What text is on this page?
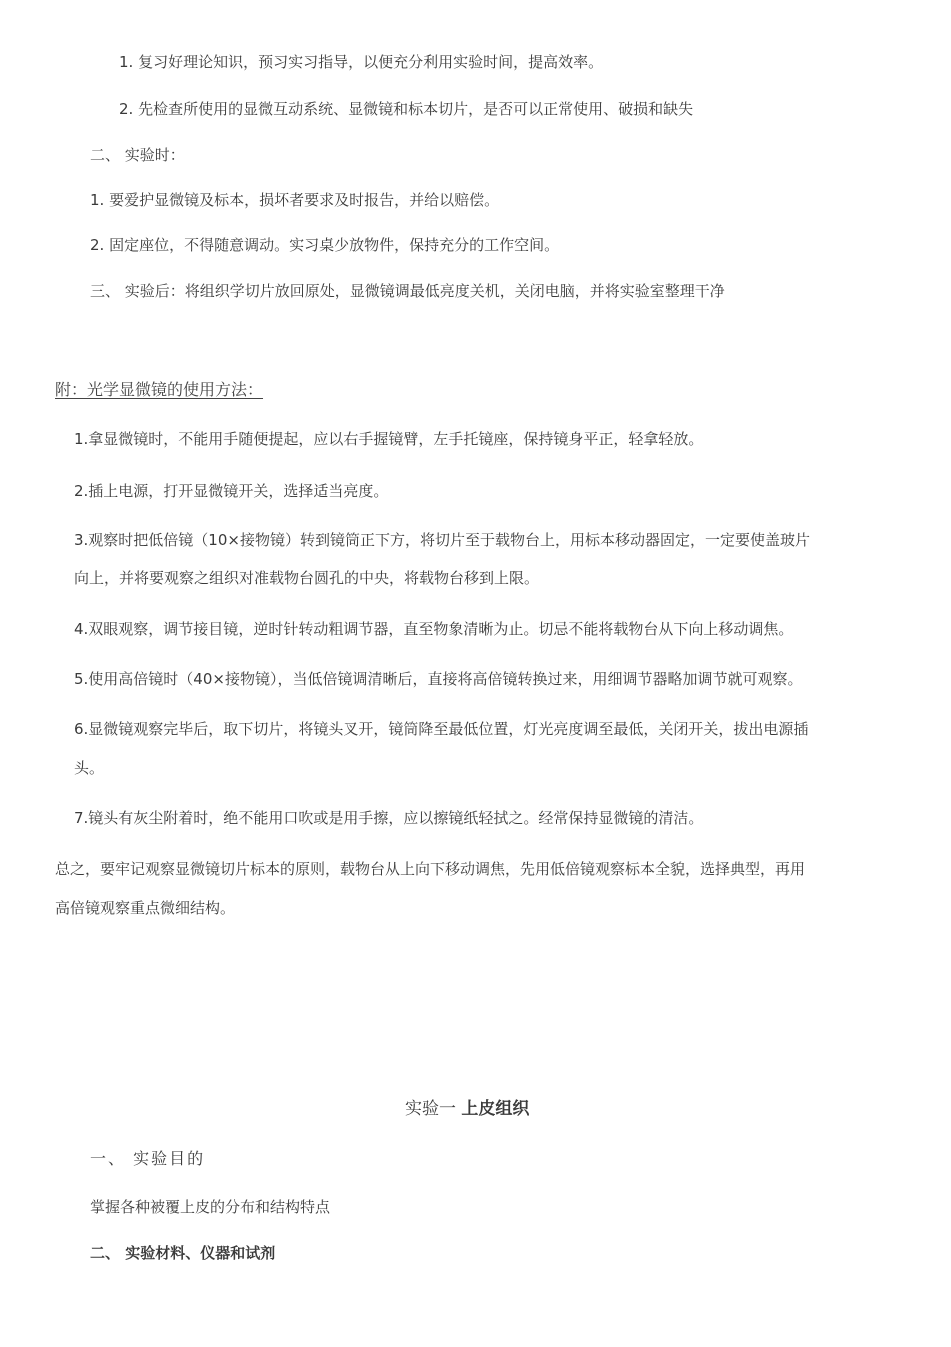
1. 复习好理论知识，预习实习指导，以便充分利用实验时间，提高效率。

2. 先检查所使用的显微互动系统、显微镜和标本切片，是否可以正常使用、破损和缺失

二、 实验时：

1. 要爱护显微镜及标本，损坏者要求及时报告，并给以赔偿。

2. 固定座位，不得随意调动。实习桌少放物件，保持充分的工作空间。

三、 实验后：将组织学切片放回原处，显微镜调最低亮度关机，关闭电脑，并将实验室整理干净

附：光学显微镜的使用方法：

1.拿显微镜时，不能用手随便提起，应以右手握镜臂，左手托镜座，保持镜身平正，轻拿轻放。

2.插上电源，打开显微镜开关，选择适当亮度。

3.观察时把低倍镜（10×接物镜）转到镜筒正下方，将切片至于载物台上，用标本移动器固定，一定要使盖玻片

向上，并将要观察之组织对准载物台圆孔的中央，将载物台移到上限。

4.双眼观察，调节接目镜，逆时针转动粗调节器，直至物象清晰为止。切忌不能将载物台从下向上移动调焦。

5.使用高倍镜时（40×接物镜），当低倍镜调清晰后，直接将高倍镜转换过来，用细调节器略加调节就可观察。

6.显微镜观察完毕后，取下切片，将镜头叉开，镜筒降至最低位置，灯光亮度调至最低，关闭开关，拔出电源插

头。

7.镜头有灰尘附着时，绝不能用口吹或是用手擦，应以擦镜纸轻拭之。经常保持显微镜的清洁。

总之，要牢记观察显微镜切片标本的原则，载物台从上向下移动调焦，先用低倍镜观察标本全貌，选择典型，再用

高倍镜观察重点微细结构。

实验一 上皮组织

一、 实验目的

掌握各种被覆上皮的分布和结构特点

二、 实验材料、仪器和试剂
